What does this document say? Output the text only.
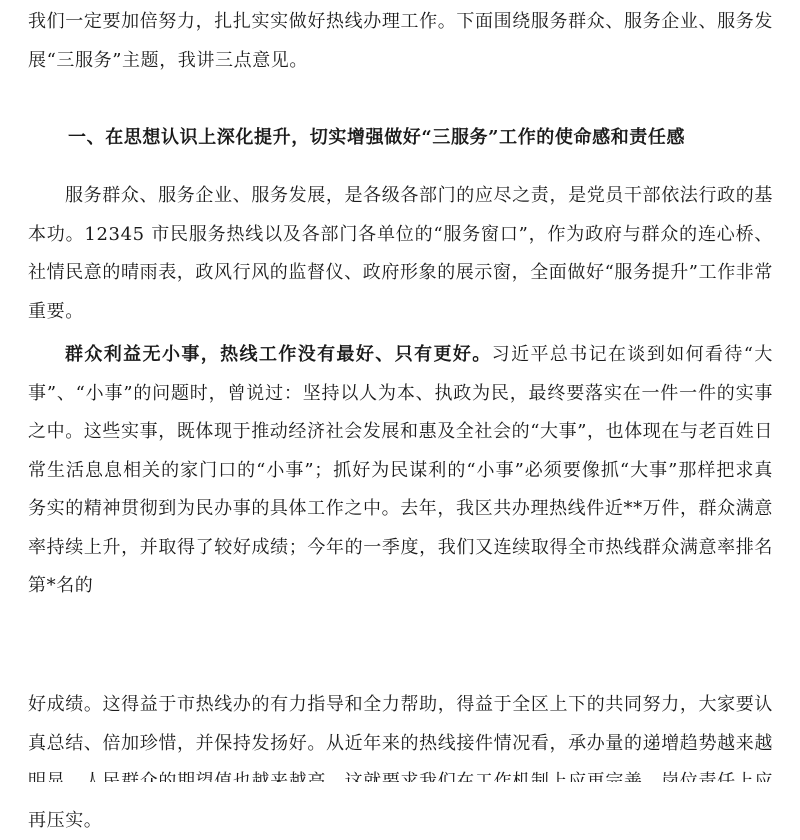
我们一定要加倍努力，扎扎实实做好热线办理工作。下面围绕服务群众、服务企业、服务发展“三服务”主题，我讲三点意见。
一、在思想认识上深化提升，切实增强做好“三服务”工作的使命感和责任感
服务群众、服务企业、服务发展，是各级各部门的应尽之责，是党员干部依法行政的基本功。12345 市民服务热线以及各部门各单位的“服务窗口”，作为政府与群众的连心桥、社情民意的晴雨表，政风行风的监督仪、政府形象的展示窗，全面做好“服务提升”工作非常重要。
群众利益无小事，热线工作没有最好、只有更好。习近平总书记在谈到如何看待“大事”、“小事”的问题时，曾说过：坚持以人为本、执政为民，最终要落实在一件一件的实事之中。这些实事，既体现于推动经济社会发展和惠及全社会的“大事”，也体现在与老百姓日常生活息息相关的家门口的“小事”；抓好为民谋利的“小事”必须要像抓“大事”那样把求真务实的精神贯彻到为民办事的具体工作之中。去年，我区共办理热线件近**万件，群众满意率持续上升，并取得了较好成绩；今年的一季度，我们又连续取得全市热线群众满意率排名第*名的
好成绩。这得益于市热线办的有力指导和全力帮助，得益于全区上下的共同努力，大家要认真总结、倍加珍惜，并保持发扬好。从近年来的热线接件情况看，承办量的递增趋势越来越 再压实。
